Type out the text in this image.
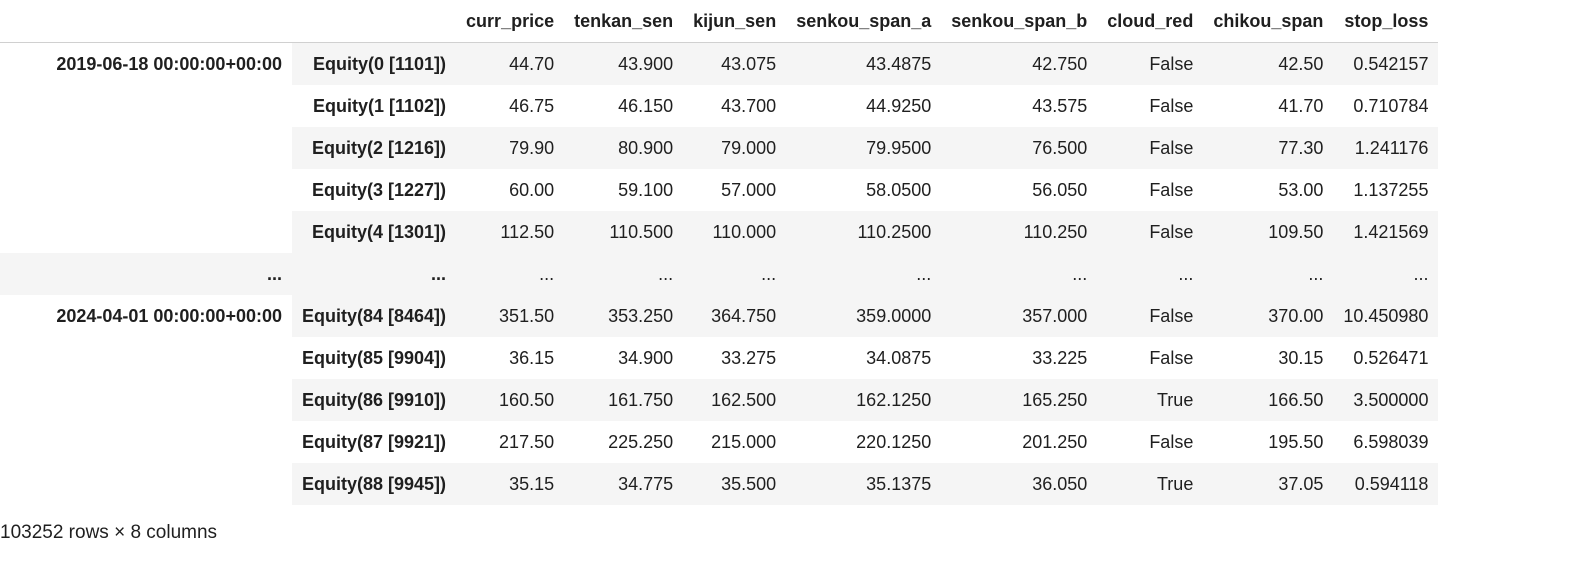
		curr_price	tenkan_sen	kijun_sen	senkou_span_a	senkou_span_b	cloud_red	chikou_span	stop_loss
2019-06-18 00:00:00+00:00	Equity(0 [1101])	44.70	43.900	43.075	43.4875	42.750	False	42.50	0.542157
	Equity(1 [1102])	46.75	46.150	43.700	44.9250	43.575	False	41.70	0.710784
	Equity(2 [1216])	79.90	80.900	79.000	79.9500	76.500	False	77.30	1.241176
	Equity(3 [1227])	60.00	59.100	57.000	58.0500	56.050	False	53.00	1.137255
	Equity(4 [1301])	112.50	110.500	110.000	110.2500	110.250	False	109.50	1.421569
...	...	...	...	...	...	...	...	...	...
2024-04-01 00:00:00+00:00	Equity(84 [8464])	351.50	353.250	364.750	359.0000	357.000	False	370.00	10.450980
	Equity(85 [9904])	36.15	34.900	33.275	34.0875	33.225	False	30.15	0.526471
	Equity(86 [9910])	160.50	161.750	162.500	162.1250	165.250	True	166.50	3.500000
	Equity(87 [9921])	217.50	225.250	215.000	220.1250	201.250	False	195.50	6.598039
	Equity(88 [9945])	35.15	34.775	35.500	35.1375	36.050	True	37.05	0.594118
103252 rows × 8 columns
